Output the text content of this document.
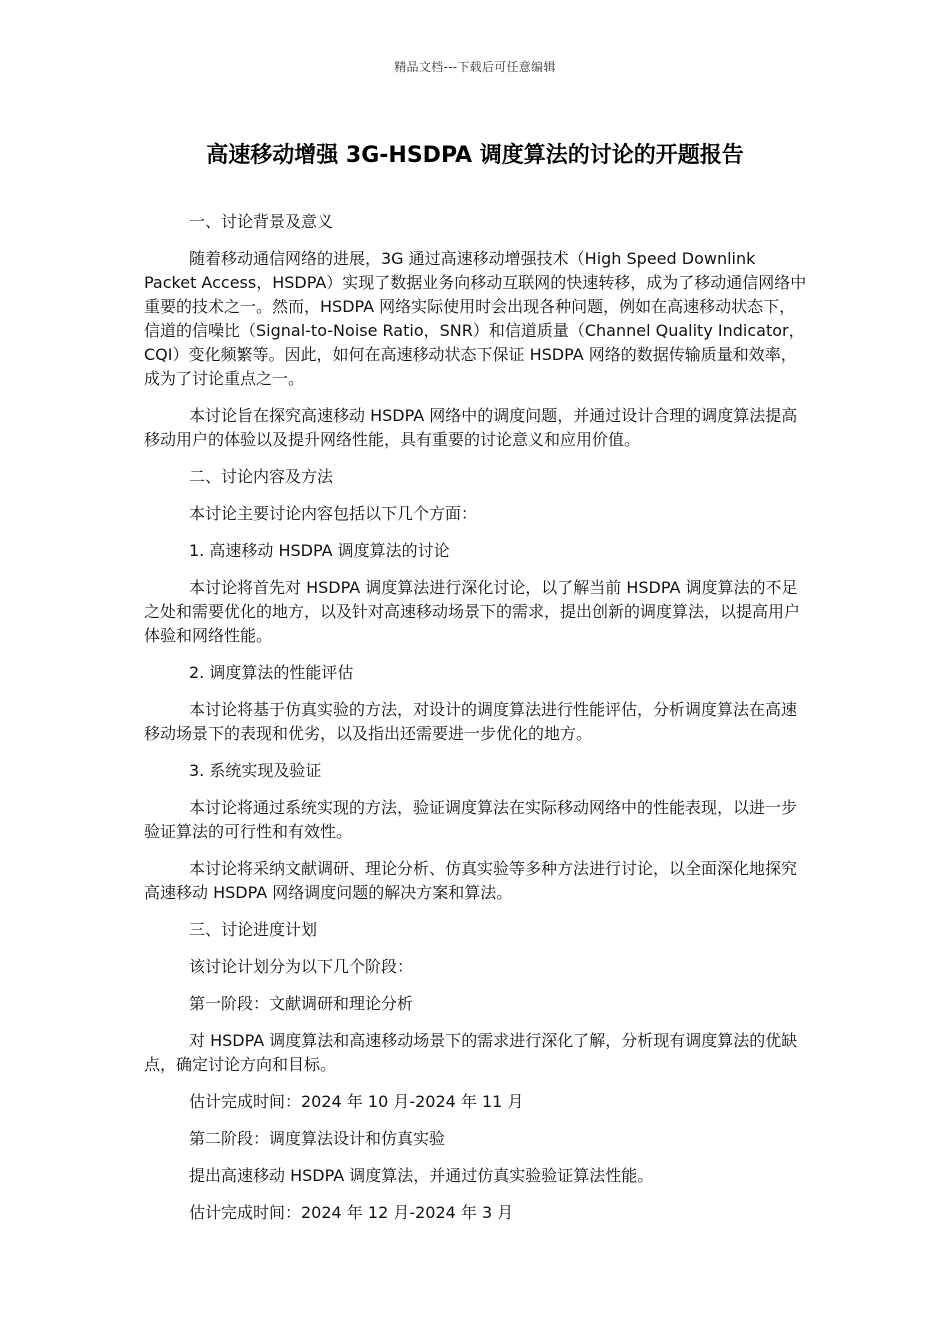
精品文档---下载后可任意编辑
高速移动增强 3G-HSDPA 调度算法的讨论的开题报告

一、讨论背景及意义

随着移动通信网络的进展，3G 通过高速移动增强技术（High Speed Downlink Packet Access，HSDPA）实现了数据业务向移动互联网的快速转移，成为了移动通信网络中重要的技术之一。然而，HSDPA 网络实际使用时会出现各种问题，例如在高速移动状态下，信道的信噪比（Signal-to-Noise Ratio，SNR）和信道质量（Channel Quality Indicator，CQI）变化频繁等。因此，如何在高速移动状态下保证 HSDPA 网络的数据传输质量和效率，成为了讨论重点之一。

本讨论旨在探究高速移动 HSDPA 网络中的调度问题，并通过设计合理的调度算法提高移动用户的体验以及提升网络性能，具有重要的讨论意义和应用价值。

二、讨论内容及方法

本讨论主要讨论内容包括以下几个方面：

1. 高速移动 HSDPA 调度算法的讨论

本讨论将首先对 HSDPA 调度算法进行深化讨论，以了解当前 HSDPA 调度算法的不足之处和需要优化的地方，以及针对高速移动场景下的需求，提出创新的调度算法，以提高用户体验和网络性能。

2. 调度算法的性能评估

本讨论将基于仿真实验的方法，对设计的调度算法进行性能评估，分析调度算法在高速移动场景下的表现和优劣，以及指出还需要进一步优化的地方。

3. 系统实现及验证

本讨论将通过系统实现的方法，验证调度算法在实际移动网络中的性能表现，以进一步验证算法的可行性和有效性。

本讨论将采纳文献调研、理论分析、仿真实验等多种方法进行讨论，以全面深化地探究高速移动 HSDPA 网络调度问题的解决方案和算法。

三、讨论进度计划

该讨论计划分为以下几个阶段：

第一阶段：文献调研和理论分析

对 HSDPA 调度算法和高速移动场景下的需求进行深化了解，分析现有调度算法的优缺点，确定讨论方向和目标。

估计完成时间：2024 年 10 月-2024 年 11 月

第二阶段：调度算法设计和仿真实验

提出高速移动 HSDPA 调度算法，并通过仿真实验验证算法性能。

估计完成时间：2024 年 12 月-2024 年 3 月
